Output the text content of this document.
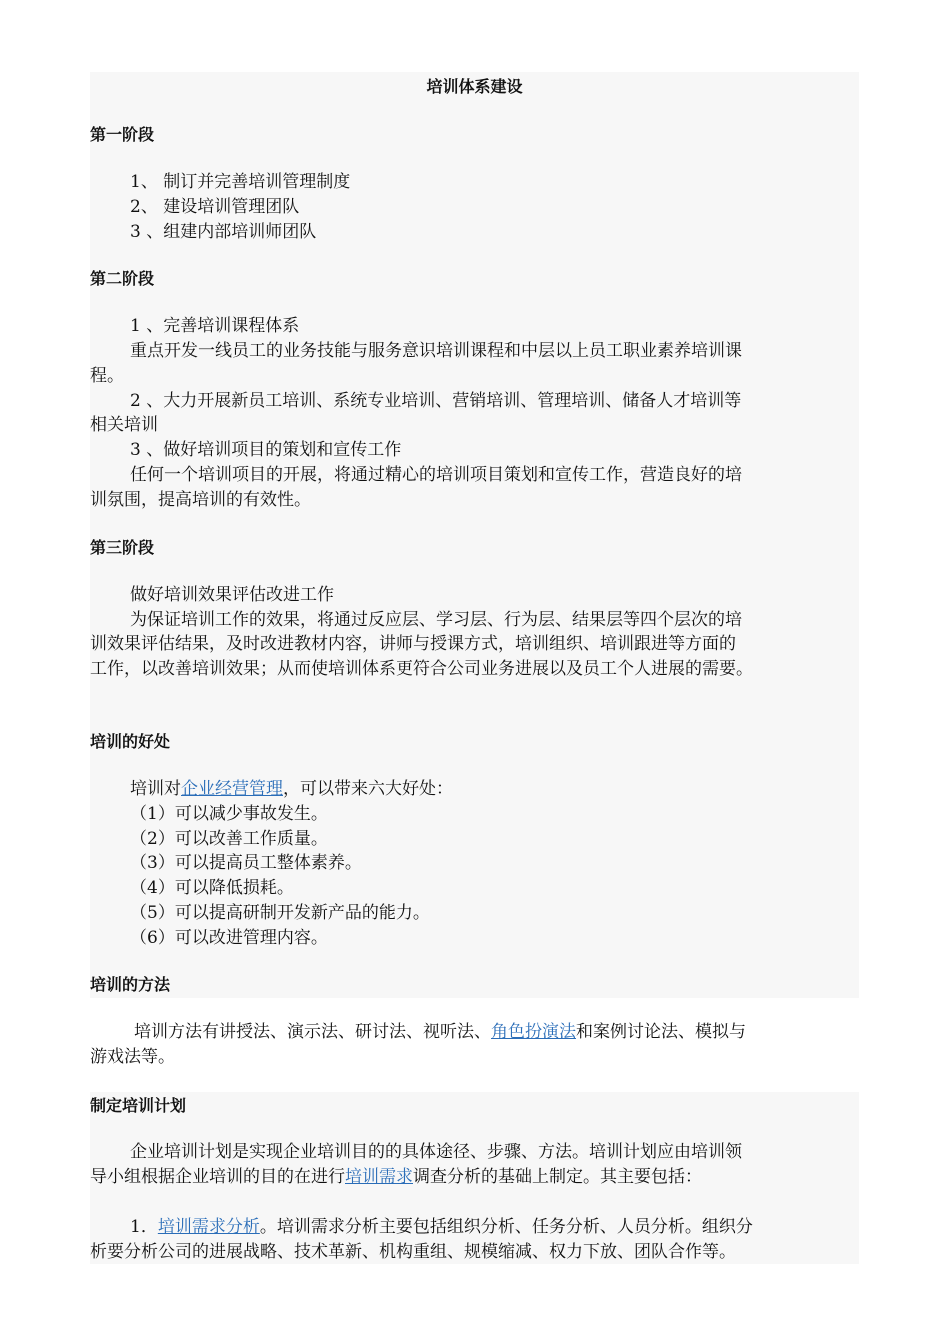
培训体系建设
第一阶段
1、 制订并完善培训管理制度
2、 建设培训管理团队
3 、组建内部培训师团队
第二阶段
1 、完善培训课程体系
重点开发一线员工的业务技能与服务意识培训课程和中层以上员工职业素养培训课
程。
2 、大力开展新员工培训、系统专业培训、营销培训、管理培训、储备人才培训等
相关培训
3 、做好培训项目的策划和宣传工作
任何一个培训项目的开展，将通过精心的培训项目策划和宣传工作，营造良好的培
训氛围，提高培训的有效性。
第三阶段
做好培训效果评估改进工作
为保证培训工作的效果，将通过反应层、学习层、行为层、结果层等四个层次的培
训效果评估结果，及时改进教材内容，讲师与授课方式，培训组织、培训跟进等方面的
工作，以改善培训效果；从而使培训体系更符合公司业务进展以及员工个人进展的需要。
培训的好处
培训对企业经营管理，可以带来六大好处：
（1）可以减少事故发生。
（2）可以改善工作质量。
（3）可以提高员工整体素养。
（4）可以降低损耗。
（5）可以提高研制开发新产品的能力。
（6）可以改进管理内容。
培训的方法
培训方法有讲授法、演示法、研讨法、视听法、角色扮演法和案例讨论法、模拟与
游戏法等。
制定培训计划
企业培训计划是实现企业培训目的的具体途径、步骤、方法。培训计划应由培训领
导小组根据企业培训的目的在进行培训需求调查分析的基础上制定。其主要包括：
1．培训需求分析。培训需求分析主要包括组织分析、任务分析、人员分析。组织分
析要分析公司的进展战略、技术革新、机构重组、规模缩减、权力下放、团队合作等。
